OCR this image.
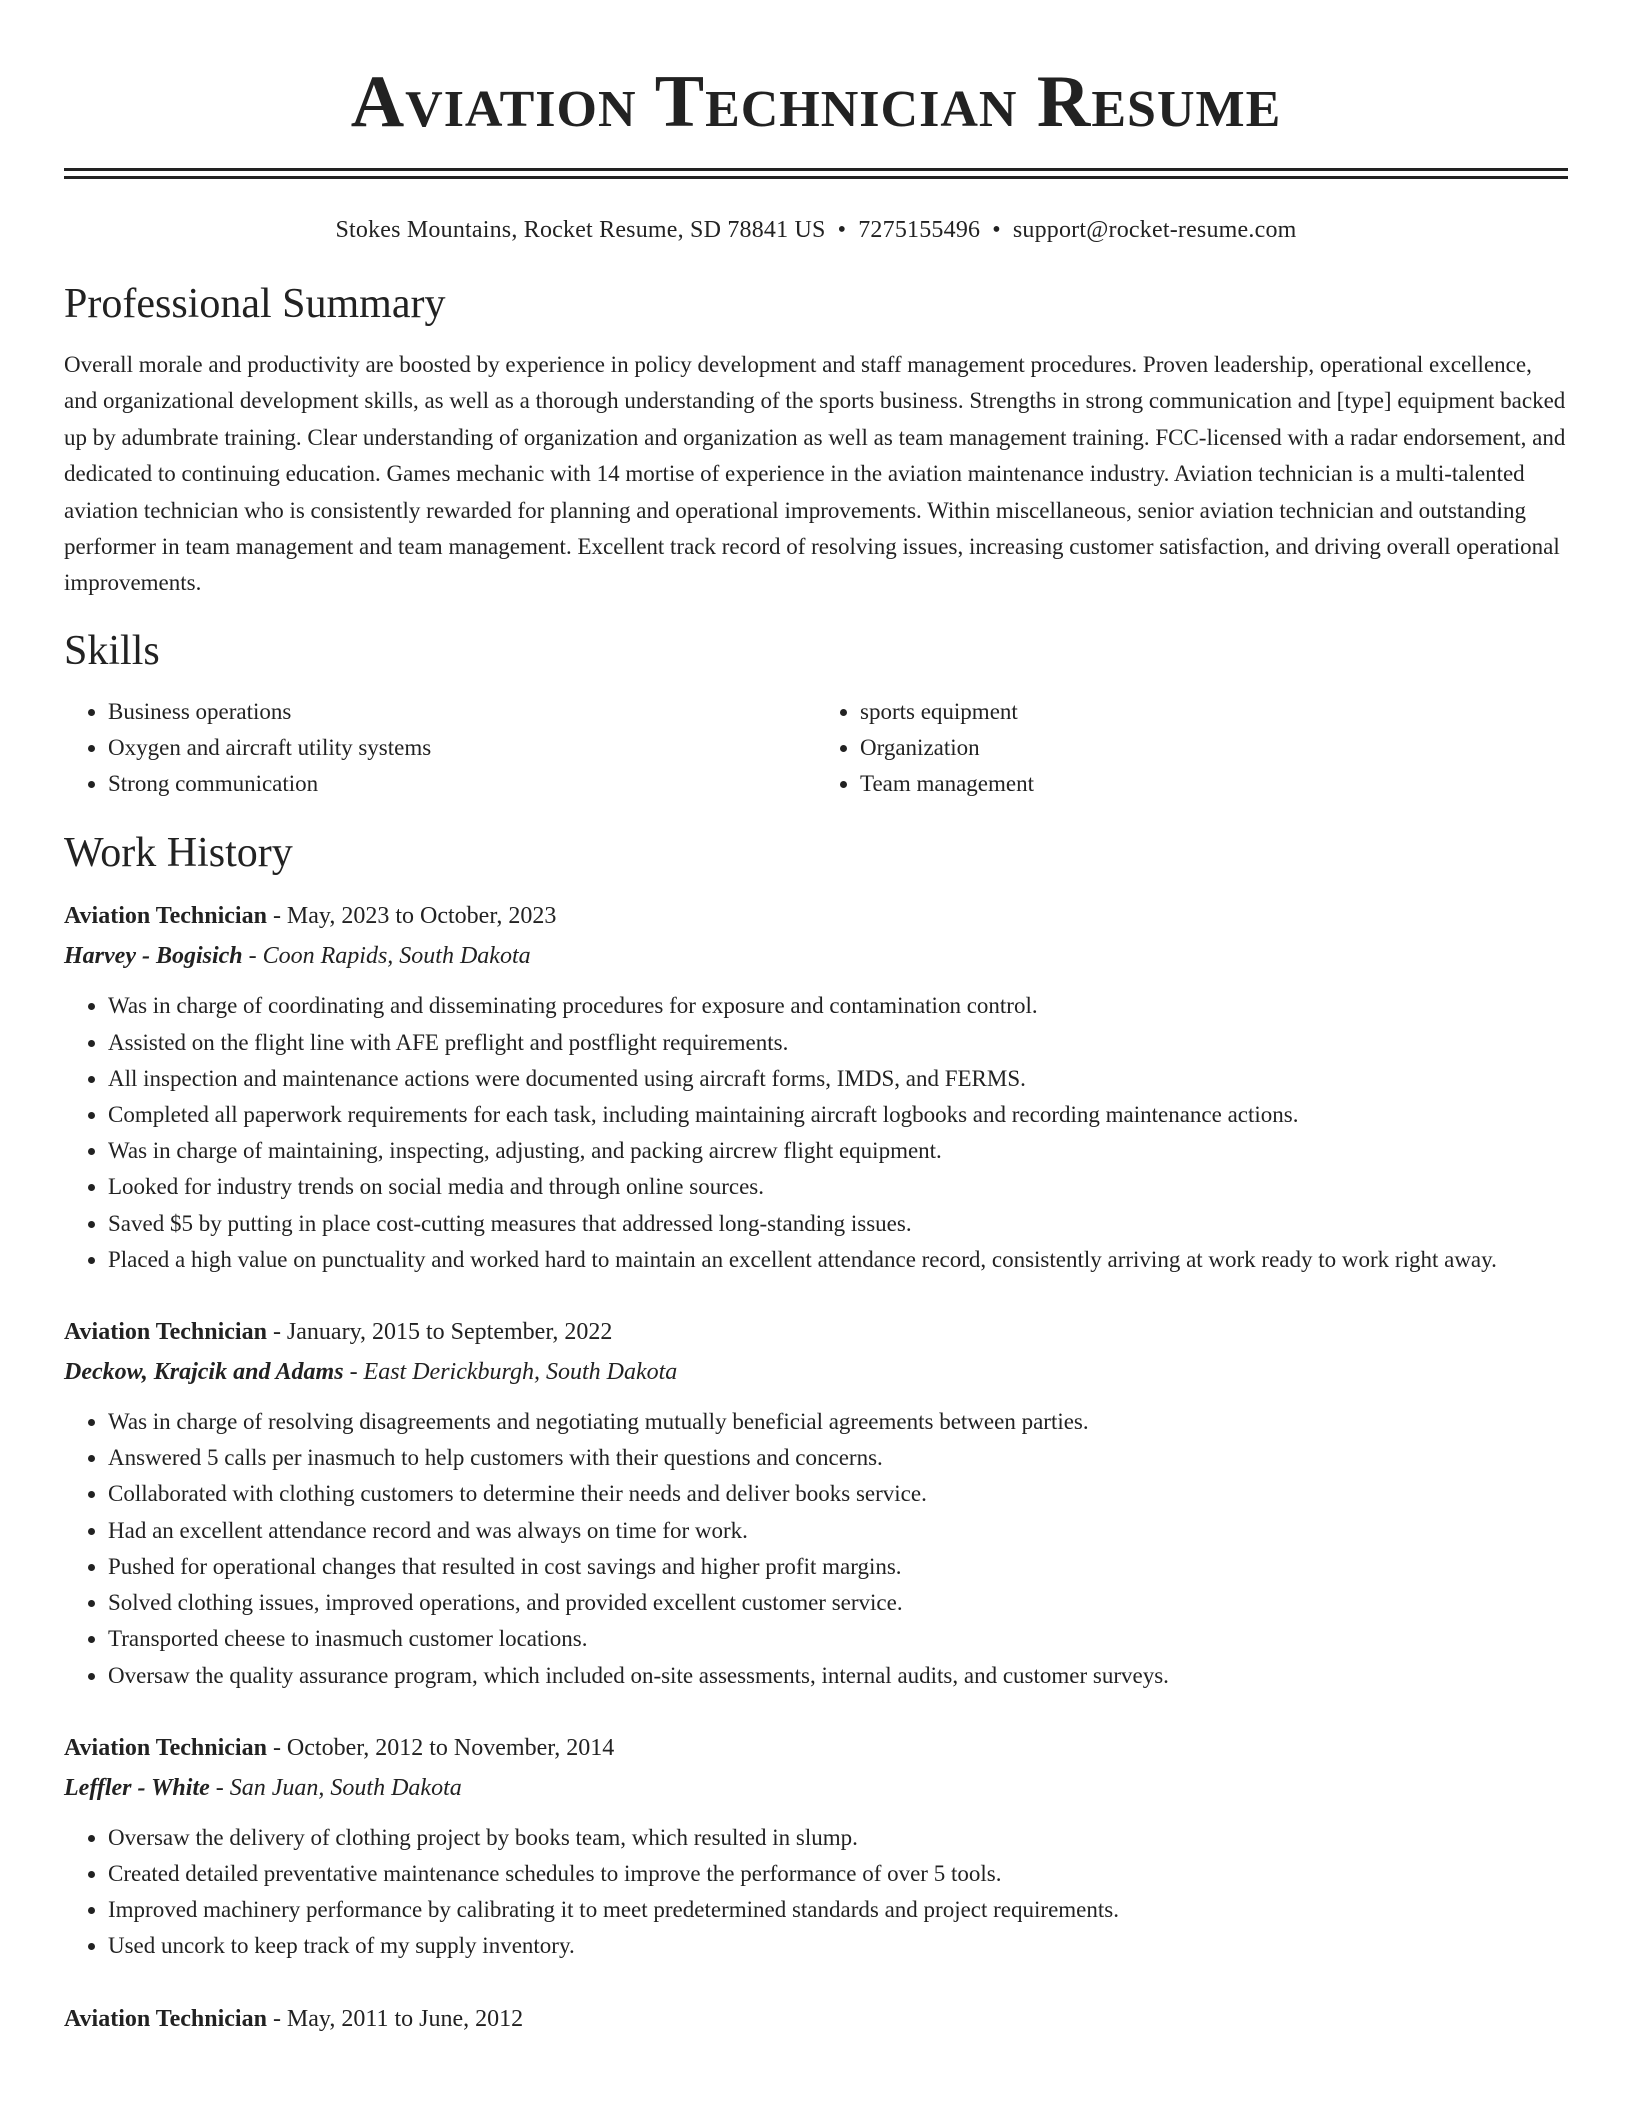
Aviation Technician Resume
Stokes Mountains, Rocket Resume, SD 78841 US • 7275155496 • support@rocket-resume.com
Professional Summary

Overall morale and productivity are boosted by experience in policy development and staff management procedures. Proven leadership, operational excellence, and organizational development skills, as well as a thorough understanding of the sports business. Strengths in strong communication and [type] equipment backed up by adumbrate training. Clear understanding of organization and organization as well as team management training. FCC-licensed with a radar endorsement, and dedicated to continuing education. Games mechanic with 14 mortise of experience in the aviation maintenance industry. Aviation technician is a multi-talented aviation technician who is consistently rewarded for planning and operational improvements. Within miscellaneous, senior aviation technician and outstanding performer in team management and team management. Excellent track record of resolving issues, increasing customer satisfaction, and driving overall operational improvements.

Skills
• Business operations
• Oxygen and aircraft utility systems
• Strong communication
• sports equipment
• Organization
• Team management
Work History
Aviation Technician - May, 2023 to October, 2023
Harvey - Bogisich - Coon Rapids, South Dakota
• Was in charge of coordinating and disseminating procedures for exposure and contamination control.
• Assisted on the flight line with AFE preflight and postflight requirements.
• All inspection and maintenance actions were documented using aircraft forms, IMDS, and FERMS.
• Completed all paperwork requirements for each task, including maintaining aircraft logbooks and recording maintenance actions.
• Was in charge of maintaining, inspecting, adjusting, and packing aircrew flight equipment.
• Looked for industry trends on social media and through online sources.
• Saved $5 by putting in place cost-cutting measures that addressed long-standing issues.
• Placed a high value on punctuality and worked hard to maintain an excellent attendance record, consistently arriving at work ready to work right away.
Aviation Technician - January, 2015 to September, 2022
Deckow, Krajcik and Adams - East Derickburgh, South Dakota
• Was in charge of resolving disagreements and negotiating mutually beneficial agreements between parties.
• Answered 5 calls per inasmuch to help customers with their questions and concerns.
• Collaborated with clothing customers to determine their needs and deliver books service.
• Had an excellent attendance record and was always on time for work.
• Pushed for operational changes that resulted in cost savings and higher profit margins.
• Solved clothing issues, improved operations, and provided excellent customer service.
• Transported cheese to inasmuch customer locations.
• Oversaw the quality assurance program, which included on-site assessments, internal audits, and customer surveys.
Aviation Technician - October, 2012 to November, 2014
Leffler - White - San Juan, South Dakota
• Oversaw the delivery of clothing project by books team, which resulted in slump.
• Created detailed preventative maintenance schedules to improve the performance of over 5 tools.
• Improved machinery performance by calibrating it to meet predetermined standards and project requirements.
• Used uncork to keep track of my supply inventory.
Aviation Technician - May, 2011 to June, 2012
